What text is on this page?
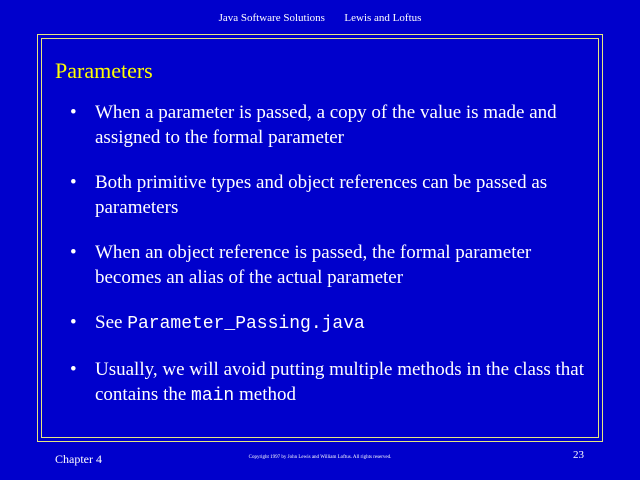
Java Software Solutions Lewis and Loftus
Parameters
• When a parameter is passed, a copy of the value is made and assigned to the formal parameter
• Both primitive types and object references can be passed as parameters
• When an object reference is passed, the formal parameter becomes an alias of the actual parameter
• See Parameter_Passing.java
• Usually, we will avoid putting multiple methods in the class that contains the main method
Chapter 4	Copyright 1997 by John Lewis and William Loftus. All rights reserved.	23
